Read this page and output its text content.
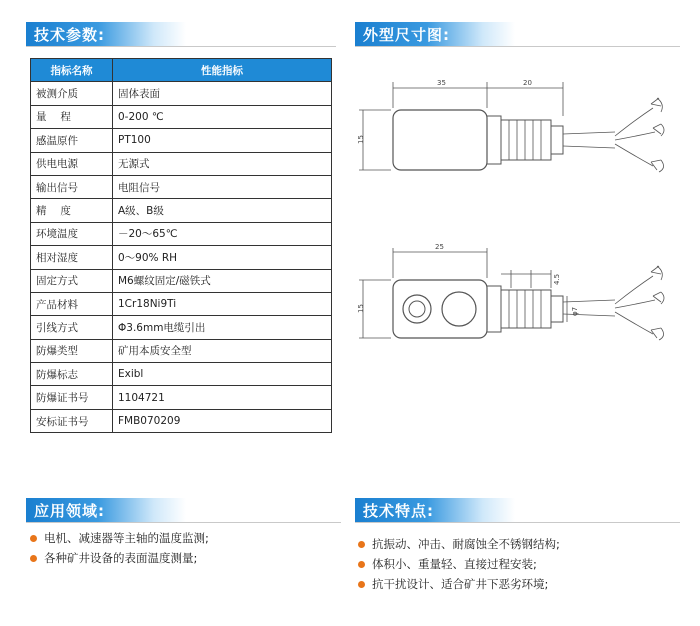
技术参数:	外型尺寸图:
指标名称	性能指标
被测介质	固体表面
量　 程	0-200 ℃
感温原件	PT100
供电电源	无源式
输出信号	电阻信号
精　 度	A级、B级
环境温度	－20～65℃
相对湿度	0～90% RH
固定方式	M6螺纹固定/磁铁式
产品材料	1Cr18Ni9Ti
引线方式	Φ3.6mm电缆引出
防爆类型	矿用本质安全型
防爆标志	Exibl
防爆证书号	1104721
安标证书号	FMB070209
35	20
15
25
15
4.5
φ7
应用领域:
电机、减速器等主轴的温度监测;
各种矿井设备的表面温度测量;
技术特点:
抗振动、冲击、耐腐蚀全不锈钢结构;
体积小、重量轻、直接过程安装;
抗干扰设计、适合矿井下恶劣环境;
